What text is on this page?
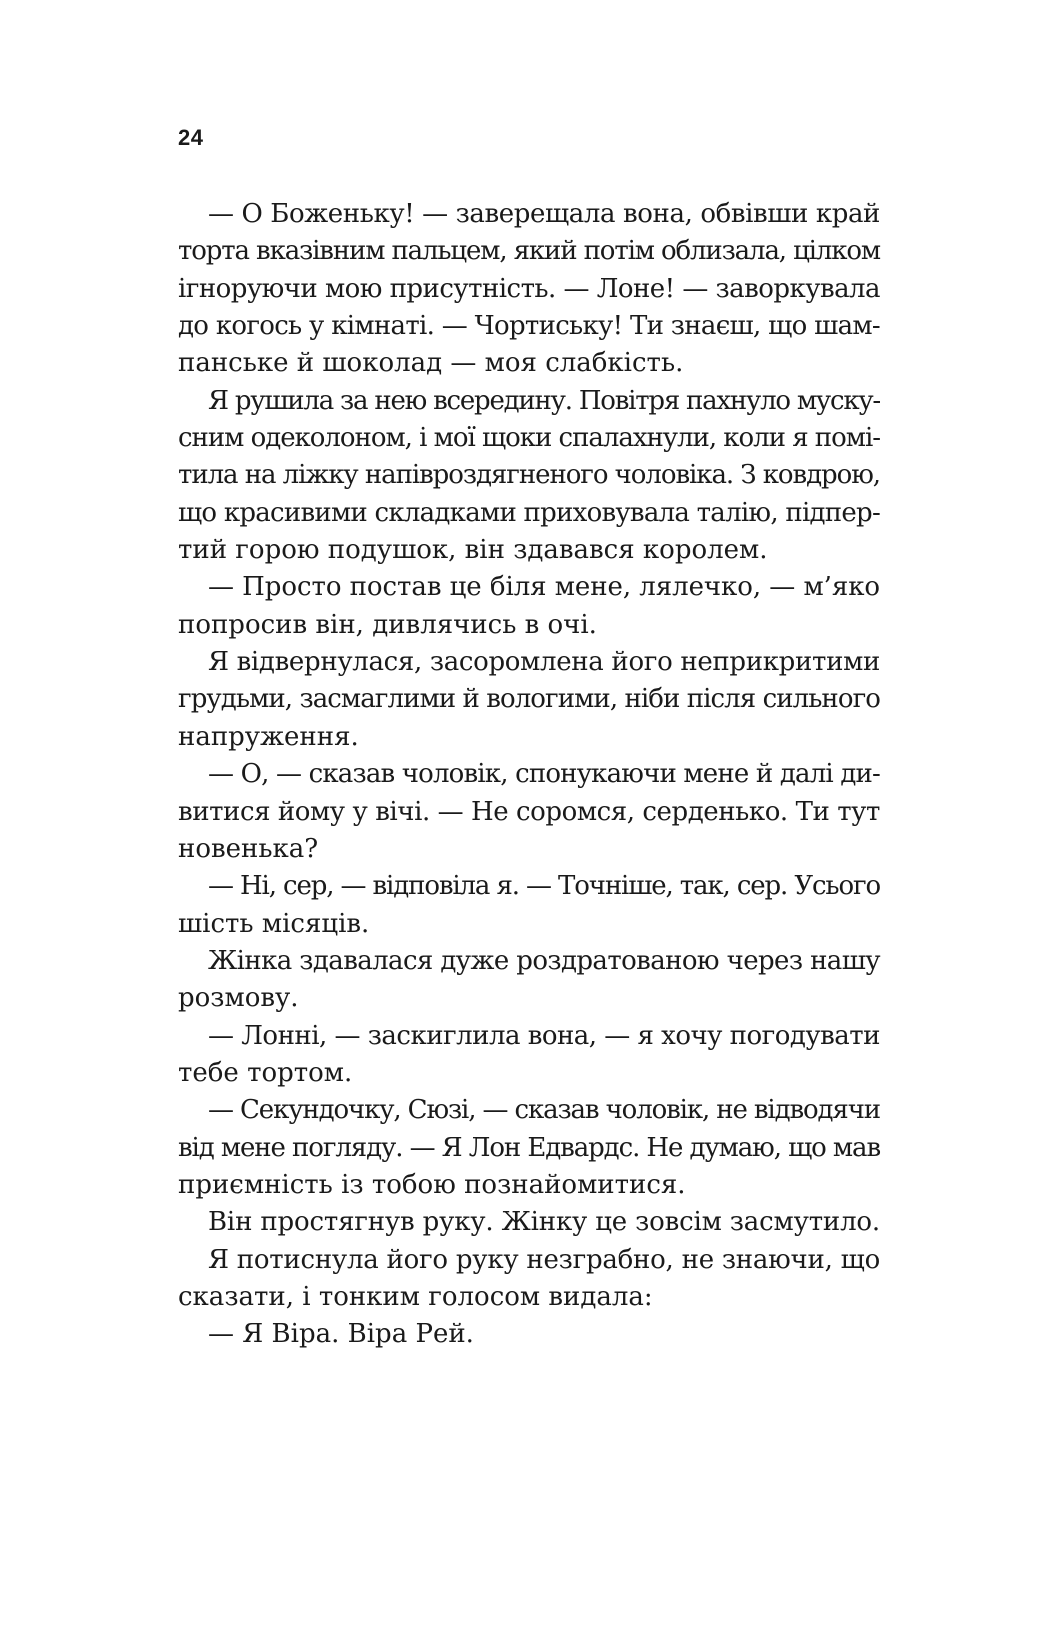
24
— О Боженьку! — заверещала вона, обвівши край
торта вказівним пальцем, який потім облизала, цілком
ігноруючи мою присутність. — Лоне! — заворкувала
до когось у кімнаті. — Чортиську! Ти знаєш, що шам-
панське й шоколад — моя слабкість.
Я рушила за нею всередину. Повітря пахнуло муску-
сним одеколоном, і мої щоки спалахнули, коли я помі-
тила на ліжку напівроздягненого чоловіка. З ковдрою,
що красивими складками приховувала талію, підпер-
тий горою подушок, він здавався королем.
— Просто постав це біля мене, лялечко, — м’яко
попросив він, дивлячись в очі.
Я відвернулася, засоромлена його неприкритими
грудьми, засмаглими й вологими, ніби після сильного
напруження.
— О, — сказав чоловік, спонукаючи мене й далі ди-
витися йому у вічі. — Не соромся, серденько. Ти тут
новенька?
— Ні, сер, — відповіла я. — Точніше, так, сер. Усього
шість місяців.
Жінка здавалася дуже роздратованою через нашу
розмову.
— Лонні, — заскиглила вона, — я хочу погодувати
тебе тортом.
— Секундочку, Сюзі, — сказав чоловік, не відводячи
від мене погляду. — Я Лон Едвардс. Не думаю, що мав
приємність із тобою познайомитися.
Він простягнув руку. Жінку це зовсім засмутило.
Я потиснула його руку незграбно, не знаючи, що
сказати, і тонким голосом видала:
— Я Віра. Віра Рей.
